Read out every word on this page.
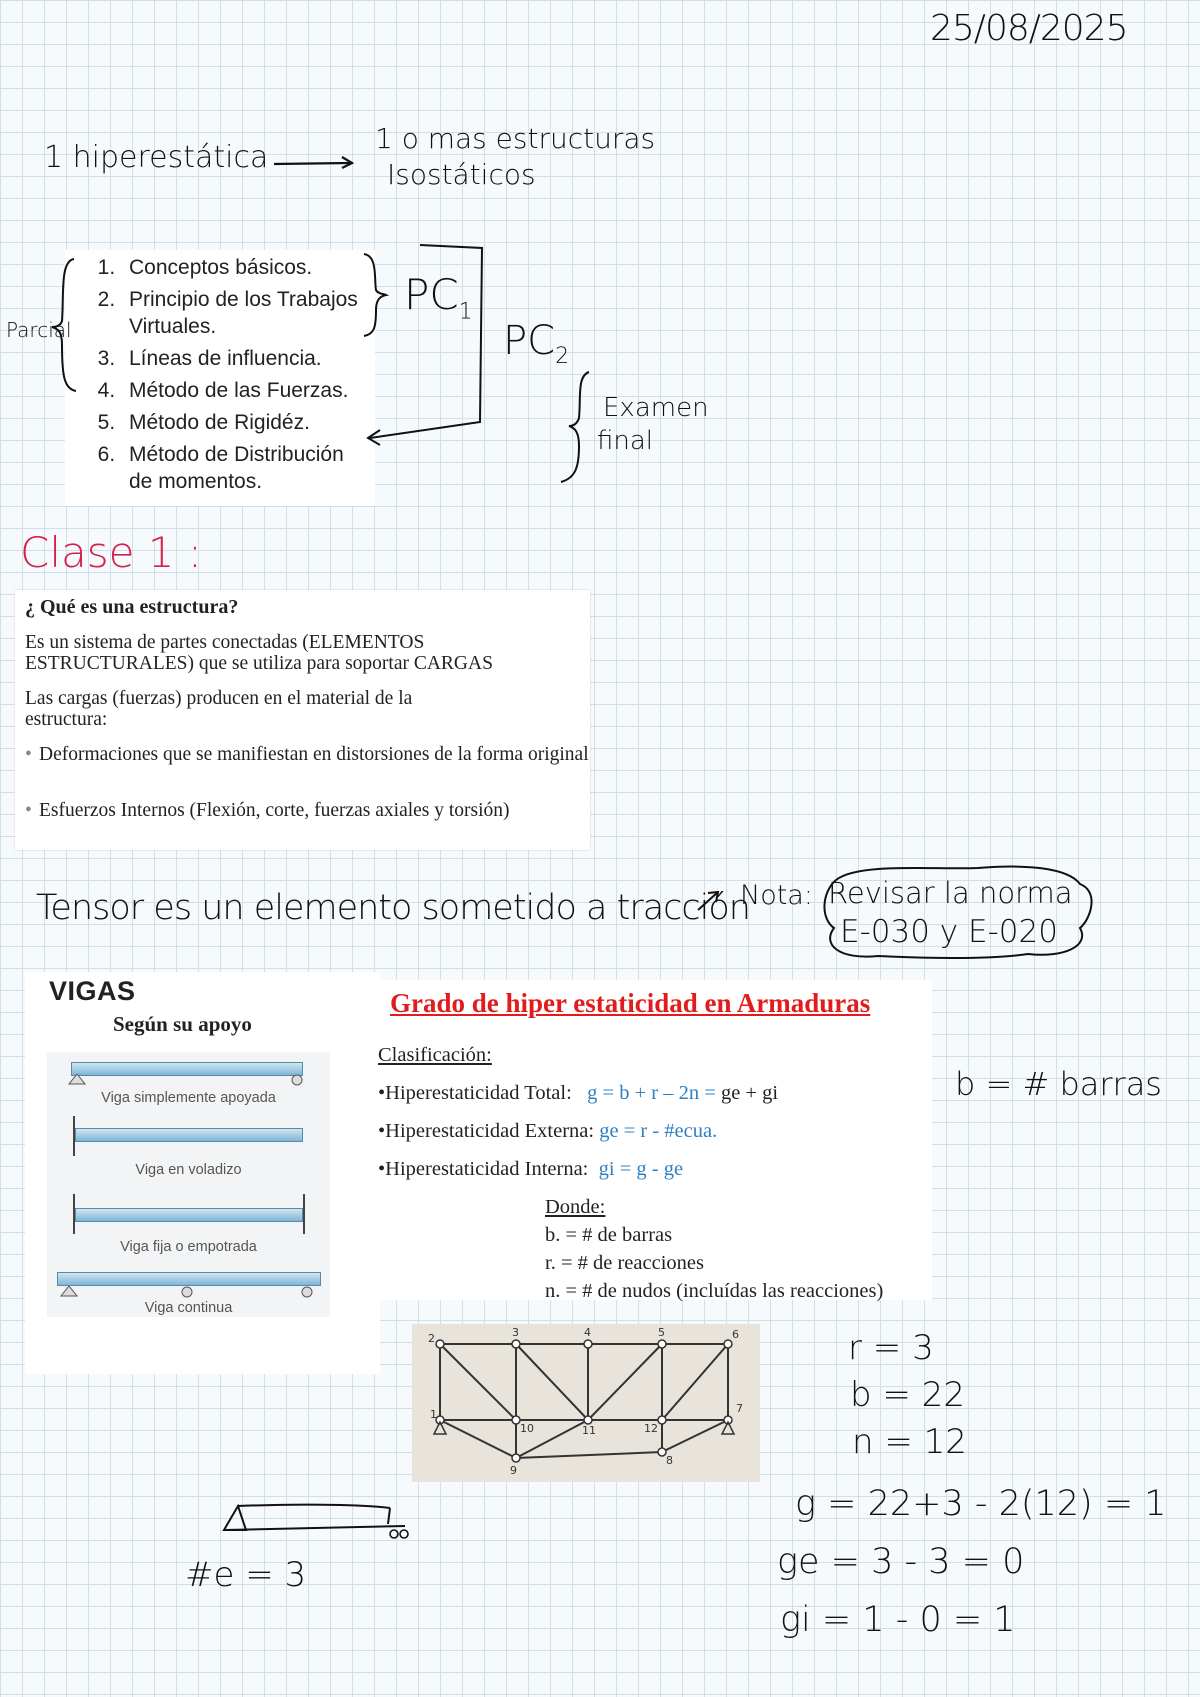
25/08/2025
1 hiperestática
1 o mas estructuras
Isostáticos
1. Conceptos básicos.
2. Principio de los Trabajos Virtuales.
3. Líneas de influencia.
4. Método de las Fuerzas.
5. Método de Rigidéz.
6. Método de Distribución de momentos.
Parcial
$PC_1$
$PC_2$
Examen
final
Clase 1 :
¿ Qué es una estructura?

Es un sistema de partes conectadas (ELEMENTOS ESTRUCTURALES) que se utiliza para soportar CARGAS

Las cargas (fuerzas) producen en el material de la estructura:

• Deformaciones que se manifiestan en distorsiones de la forma original
• Esfuerzos Internos (Flexión, corte, fuerzas axiales y torsión)
Tensor es un elemento sometido a tracción
Nota: Revisar la norma
E-030 y E-020
VIGAS
Según su apoyo
Viga simplemente apoyada
Viga en voladizo
Viga fija o empotrada
Viga continua
Grado de hiper estaticidad en Armaduras
Clasificación:
•Hiperestaticidad Total: g = b + r – 2n = ge + gi
•Hiperestaticidad Externa: ge = r - #ecua.
•Hiperestaticidad Interna: gi = g - ge
Donde:
b. = # de barras
r. = # de reacciones
n. = # de nudos (incluídas las reacciones)
b = # barras
1
2	3	4	5	6
7
8
9
10	11	12
r = 3
b = 22
n = 12
g = 22+3 - 2(12) = 1
ge = 3 - 3 = 0
gi = 1 - 0 = 1
#e = 3
